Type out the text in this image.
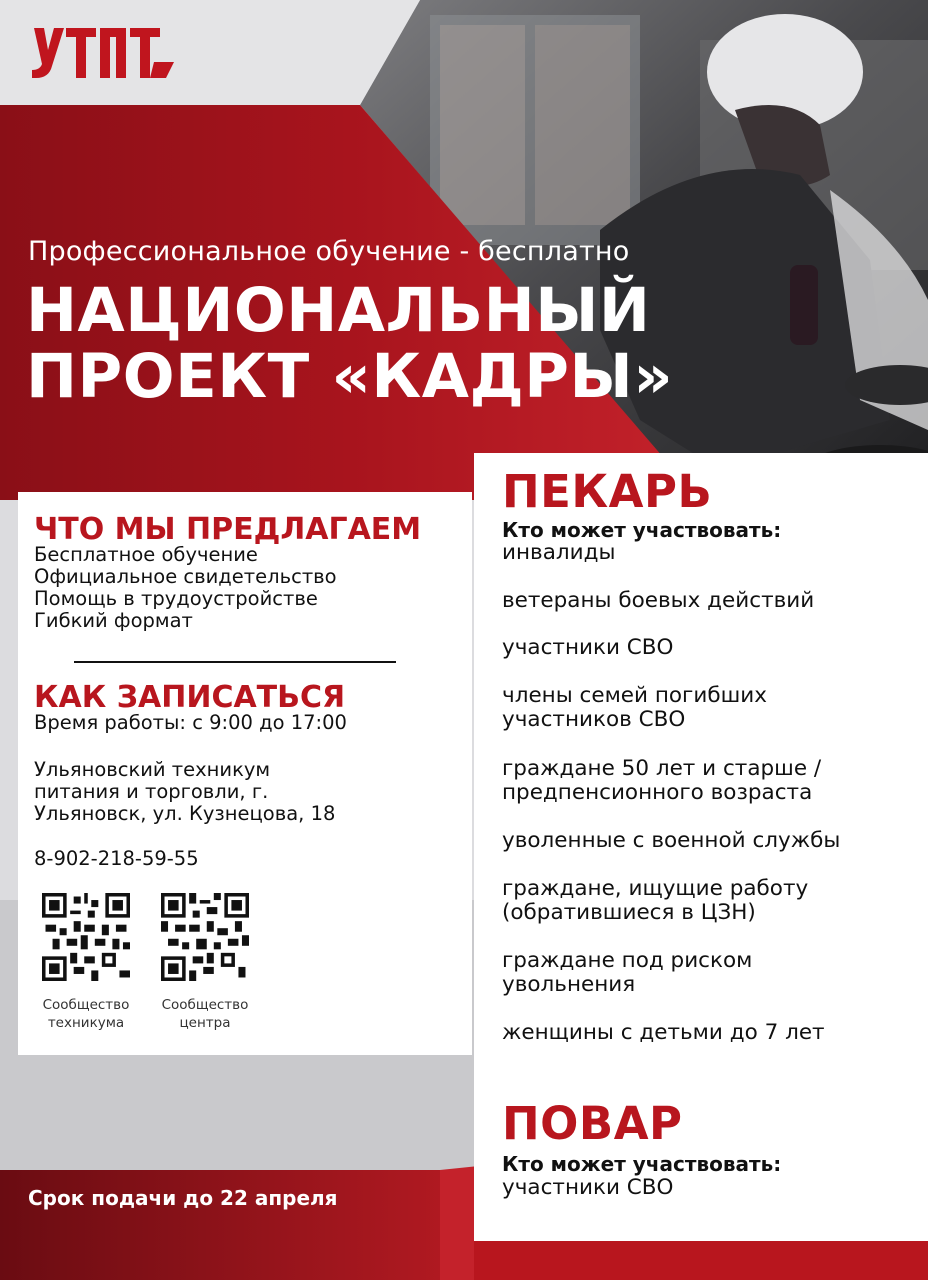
Профессиональное обучение - бесплатно
НАЦИОНАЛЬНЫЙ
ПРОЕКТ «КАДРЫ»
ЧТО МЫ ПРЕДЛАГАЕМ
Бесплатное обучение
Официальное свидетельство
Помощь в трудоустройстве
Гибкий формат
КАК ЗАПИСАТЬСЯ
Время работы: с 9:00 до 17:00
Ульяновский техникум
питания и торговли, г.
Ульяновск, ул. Кузнецова, 18
8-902-218-59-55
Сообщество
техникума
Сообщество
центра
ПЕКАРЬ
Кто может участвовать:
инвалиды
ветераны боевых действий
участники СВО
члены семей погибших
участников СВО
граждане 50 лет и старше /
предпенсионного возраста
уволенные с военной службы
граждане, ищущие работу
(обратившиеся в ЦЗН)
граждане под риском
увольнения
женщины с детьми до 7 лет
ПОВАР
Кто может участвовать:
участники СВО
Срок подачи до 22 апреля
